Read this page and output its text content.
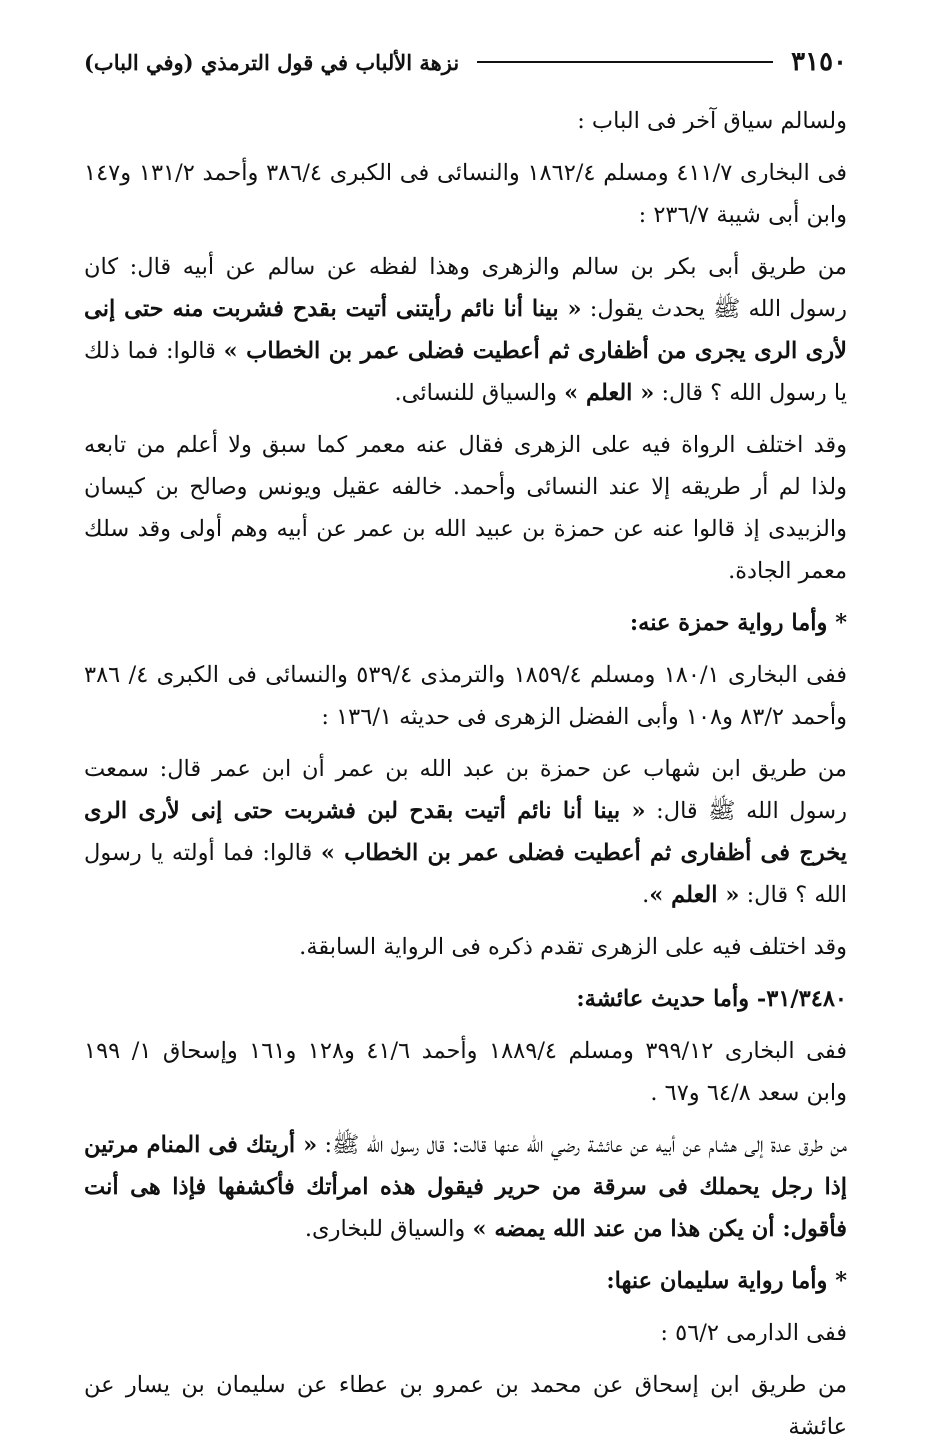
٣١٥٠
نزهة الألباب في قول الترمذي (وفي الباب)

ولسالم سياق آخر فى الباب :

فى البخارى ٤١١/٧ ومسلم ١٨٦٢/٤ والنسائى فى الكبرى ٣٨٦/٤ وأحمد ١٣١/٢ و١٤٧ وابن أبى شيبة ٢٣٦/٧ :

من طريق أبى بكر بن سالم والزهرى وهذا لفظه عن سالم عن أبيه قال: كان رسول الله ﷺ يحدث يقول: « بينا أنا نائم رأيتنى أتيت بقدح فشربت منه حتى إنى لأرى الرى يجرى من أظفارى ثم أعطيت فضلى عمر بن الخطاب » قالوا: فما ذلك يا رسول الله ؟ قال: « العلم » والسياق للنسائى.

وقد اختلف الرواة فيه على الزهرى فقال عنه معمر كما سبق ولا أعلم من تابعه ولذا لم أر طريقه إلا عند النسائى وأحمد. خالفه عقيل ويونس وصالح بن كيسان والزبيدى إذ قالوا عنه عن حمزة بن عبيد الله بن عمر عن أبيه وهم أولى وقد سلك معمر الجادة.

* وأما رواية حمزة عنه:

ففى البخارى ١٨٠/١ ومسلم ١٨٥٩/٤ والترمذى ٥٣٩/٤ والنسائى فى الكبرى ٤/ ٣٨٦ وأحمد ٨٣/٢ و١٠٨ وأبى الفضل الزهرى فى حديثه ١٣٦/١ :

من طريق ابن شهاب عن حمزة بن عبد الله بن عمر أن ابن عمر قال: سمعت رسول الله ﷺ قال: « بينا أنا نائم أتيت بقدح لبن فشربت حتى إنى لأرى الرى يخرج فى أظفارى ثم أعطيت فضلى عمر بن الخطاب » قالوا: فما أولته يا رسول الله ؟ قال: « العلم ».

وقد اختلف فيه على الزهرى تقدم ذكره فى الرواية السابقة.

٣١/٣٤٨٠- وأما حديث عائشة:

ففى البخارى ٣٩٩/١٢ ومسلم ١٨٨٩/٤ وأحمد ٤١/٦ و١٢٨ و١٦١ وإسحاق ١/ ١٩٩ وابن سعد ٦٤/٨ و٦٧ .

من طرق عدة إلى هشام عن أبيه عن عائشة رضي الله عنها قالت: قال رسول الله ﷺ: « أريتك فى المنام مرتين إذا رجل يحملك فى سرقة من حرير فيقول هذه امرأتك فأكشفها فإذا هى أنت فأقول: أن يكن هذا من عند الله يمضه » والسياق للبخارى.

* وأما رواية سليمان عنها:

ففى الدارمى ٥٦/٢ :

من طريق ابن إسحاق عن محمد بن عمرو بن عطاء عن سليمان بن يسار عن عائشة
